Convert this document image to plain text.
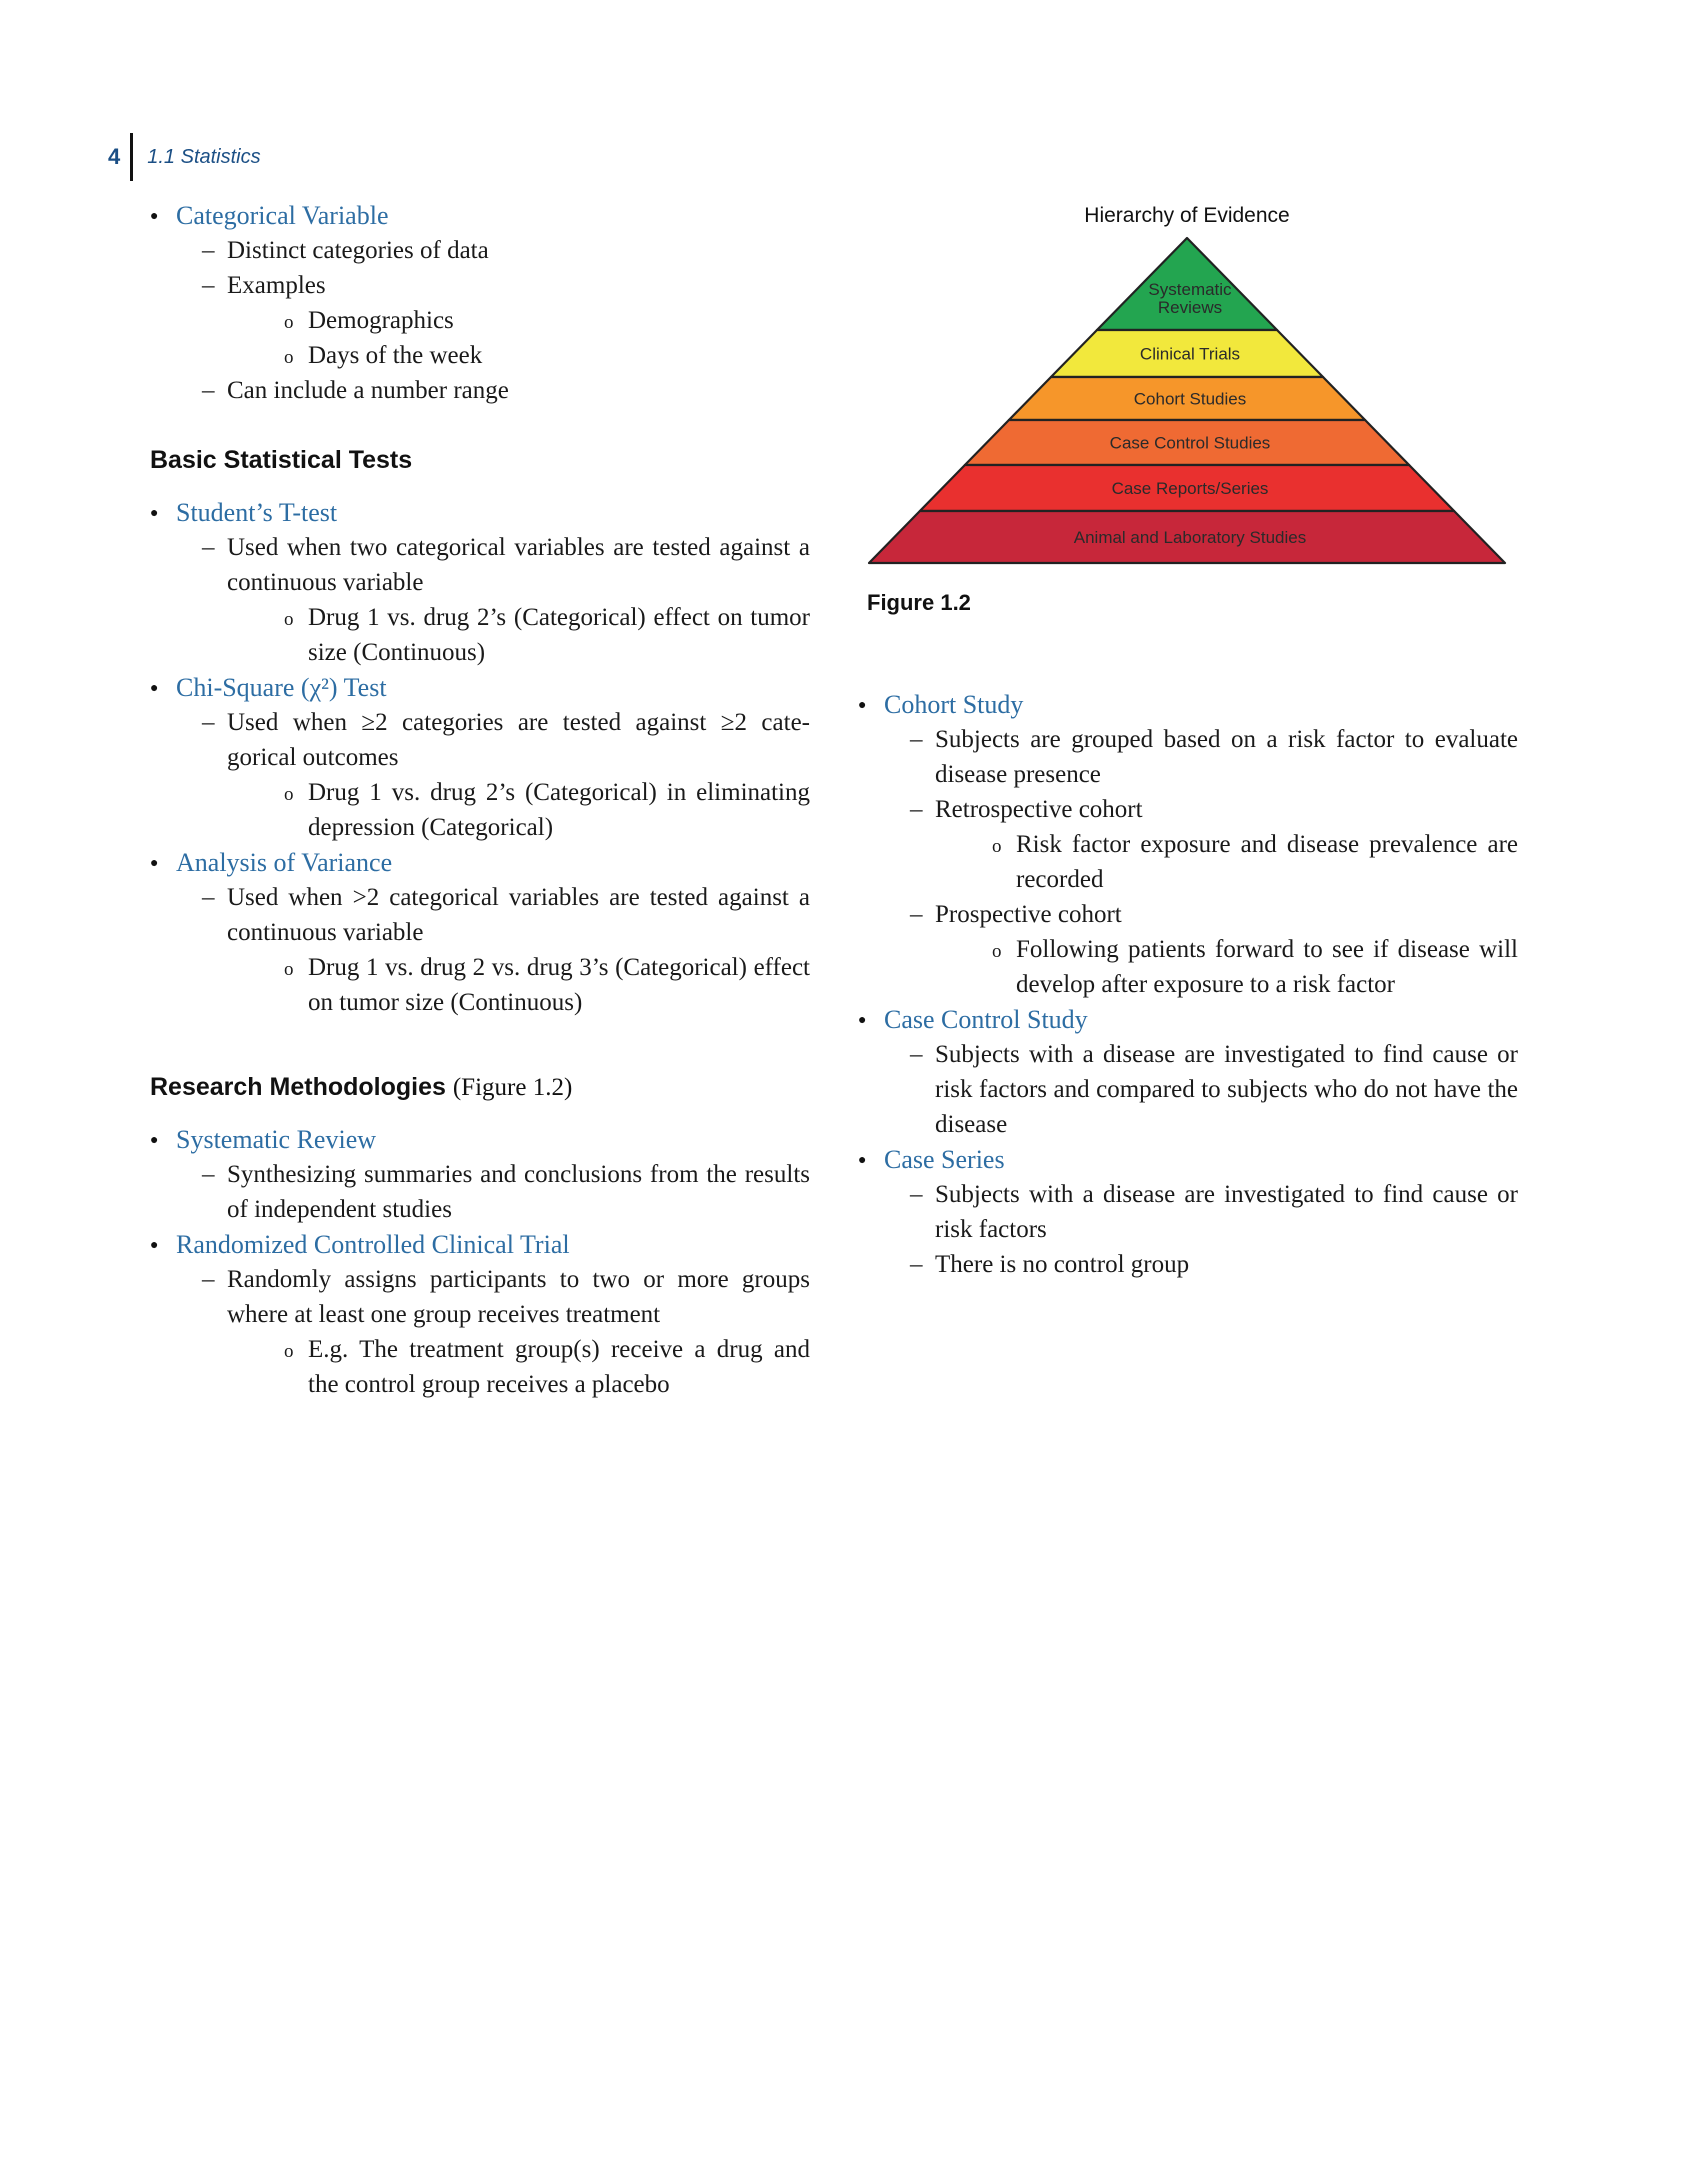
4 1.1 Statistics
● Categorical Variable
– Distinct categories of data
– Examples
o Demographics
o Days of the week
– Can include a number range
Basic Statistical Tests
● Student’s T-test
– Used when two categorical variables are tested against a continuous variable
o Drug 1 vs. drug 2’s (Categorical) effect on tumor size (Continuous)
● Chi-Square (χ²) Test
– Used when ≥2 categories are tested against ≥2 cate-gorical outcomes
o Drug 1 vs. drug 2’s (Categorical) in eliminating depression (Categorical)
● Analysis of Variance
– Used when >2 categorical variables are tested against a continuous variable
o Drug 1 vs. drug 2 vs. drug 3’s (Categorical) effect on tumor size (Continuous)
Research Methodologies (Figure 1.2)
● Systematic Review
– Synthesizing summaries and conclusions from the results of independent studies
● Randomized Controlled Clinical Trial
– Randomly assigns participants to two or more groups where at least one group receives treatment
o E.g. The treatment group(s) receive a drug and the control group receives a placebo
Hierarchy of Evidence
Systematic
Reviews
Clinical Trials
Cohort Studies
Case Control Studies
Case Reports/Series
Animal and Laboratory Studies
Figure 1.2
● Cohort Study
– Subjects are grouped based on a risk factor to evaluate disease presence
– Retrospective cohort
o Risk factor exposure and disease prevalence are recorded
– Prospective cohort
o Following patients forward to see if disease will develop after exposure to a risk factor
● Case Control Study
– Subjects with a disease are investigated to find cause or risk factors and compared to subjects who do not have the disease
● Case Series
– Subjects with a disease are investigated to find cause or risk factors
– There is no control group
